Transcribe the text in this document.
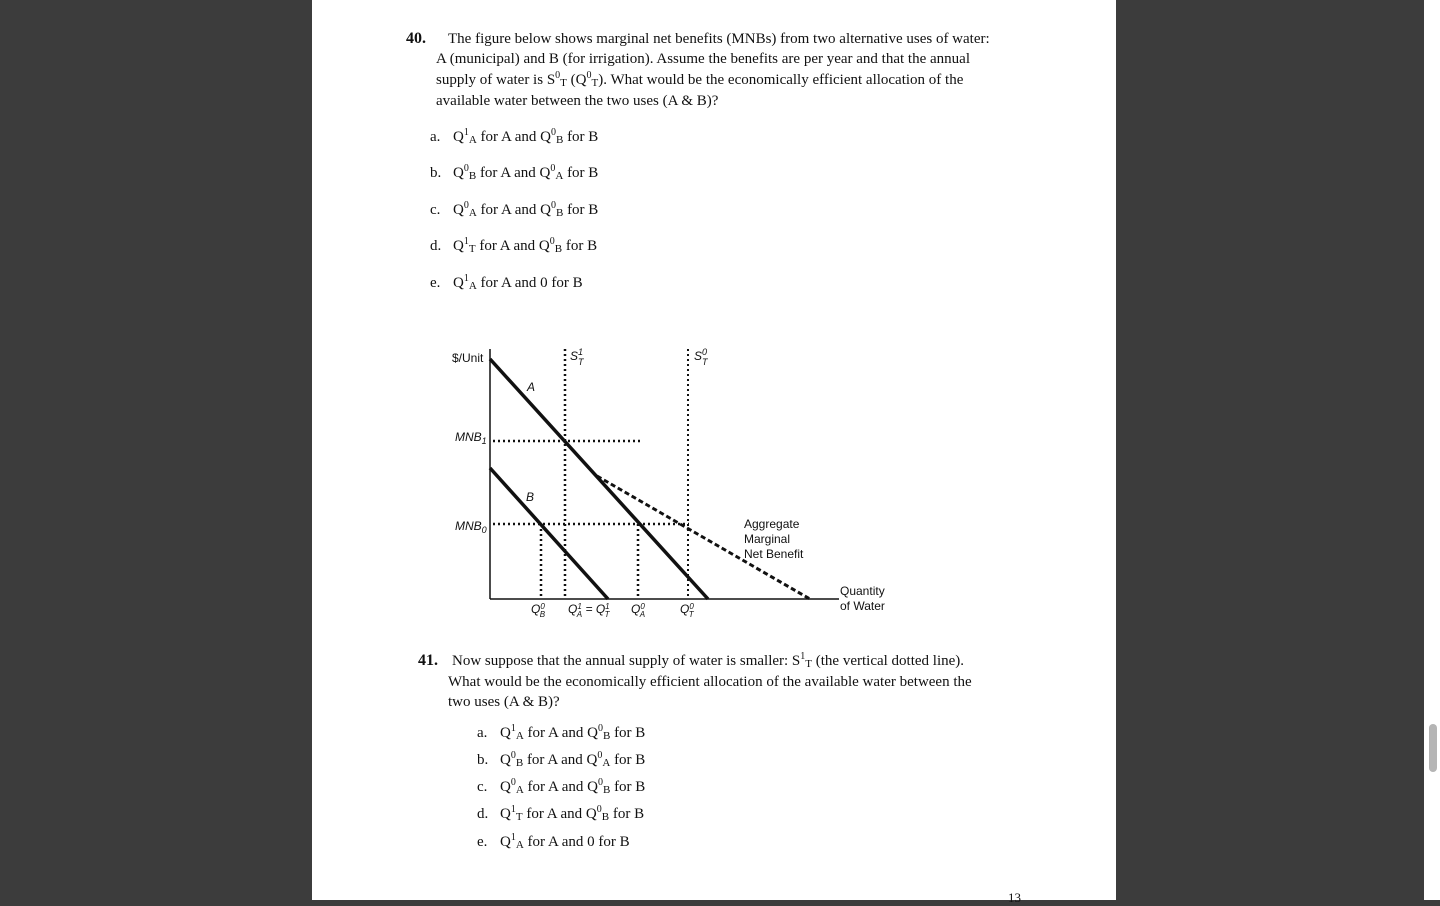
40. The figure below shows marginal net benefits (MNBs) from two alternative uses of water:
A (municipal) and B (for irrigation). Assume the benefits are per year and that the annual
supply of water is $S^0_T$ $(Q^0_T)$. What would be the economically efficient allocation of the
available water between the two uses (A & B)?
a. $Q^1_A$ for A and $Q^0_B$ for B
b. $Q^0_B$ for A and $Q^0_A$ for B
c. $Q^0_A$ for A and $Q^0_B$ for B
d. $Q^1_T$ for A and $Q^0_B$ for B
e. $Q^1_A$ for A and 0 for B
$/Unit
A
B
$MNB_1$
$MNB_0$
$S^1$ T	$S^0$ T
Aggregate
Marginal
Net Benefit
Quantity
of Water
$Q^0$ B $Q^1$ $A = Q^1$ T $Q^0$ A	$Q^0$ T
41. Now suppose that the annual supply of water is smaller: $S^1_T$ (the vertical dotted line).
What would be the economically efficient allocation of the available water between the
two uses (A & B)?
a. $Q^1_A$ for A and $Q^0_B$ for B
b. $Q^0_B$ for A and $Q^0_A$ for B
c. $Q^0_A$ for A and $Q^0_B$ for B
d. $Q^1_T$ for A and $Q^0_B$ for B
e. $Q^1_A$ for A and 0 for B
13
